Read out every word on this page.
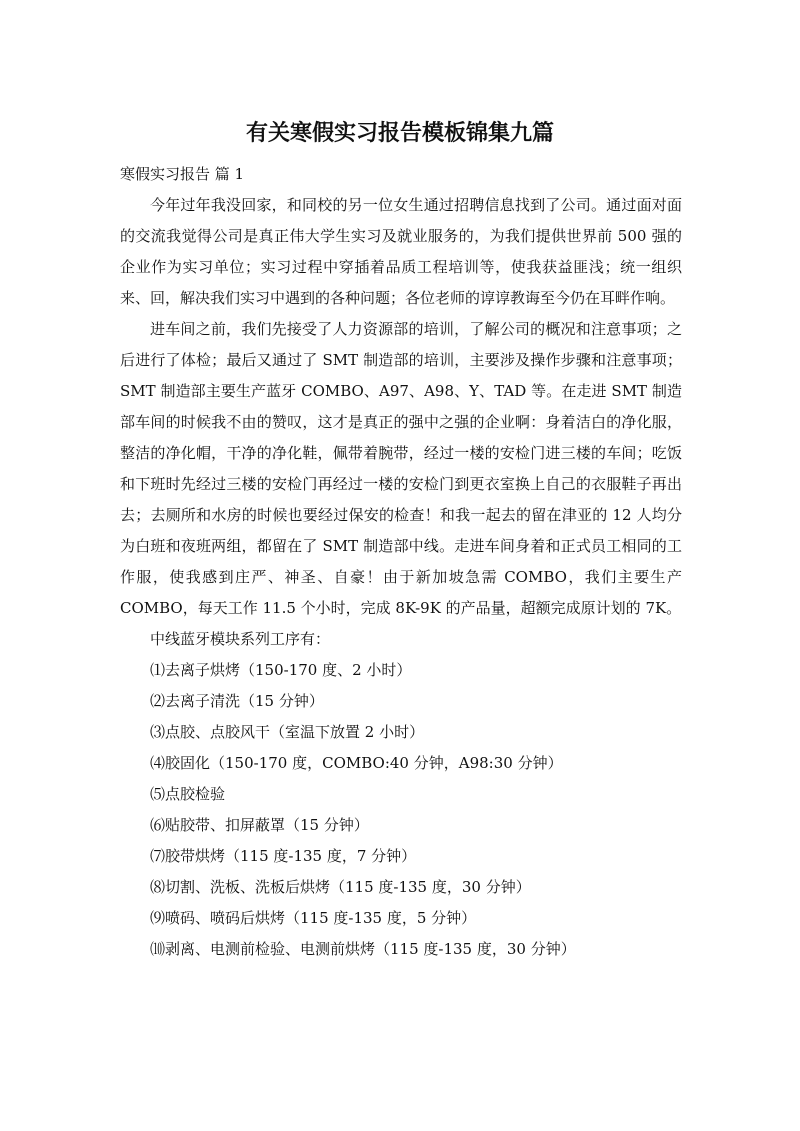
有关寒假实习报告模板锦集九篇

寒假实习报告 篇 1

今年过年我没回家，和同校的另一位女生通过招聘信息找到了公司。通过面对面的交流我觉得公司是真正伟大学生实习及就业服务的，为我们提供世界前 500 强的企业作为实习单位；实习过程中穿插着品质工程培训等，使我获益匪浅；统一组织来、回，解决我们实习中遇到的各种问题；各位老师的谆谆教诲至今仍在耳畔作响。

进车间之前，我们先接受了人力资源部的培训，了解公司的概况和注意事项；之后进行了体检；最后又通过了 SMT 制造部的培训，主要涉及操作步骤和注意事项；SMT 制造部主要生产蓝牙 COMBO、A97、A98、Y、TAD 等。在走进 SMT 制造部车间的时候我不由的赞叹，这才是真正的强中之强的企业啊：身着洁白的净化服，整洁的净化帽，干净的净化鞋，佩带着腕带，经过一楼的安检门进三楼的车间；吃饭和下班时先经过三楼的安检门再经过一楼的安检门到更衣室换上自己的衣服鞋子再出去；去厕所和水房的时候也要经过保安的检查！和我一起去的留在津亚的 12 人均分为白班和夜班两组，都留在了 SMT 制造部中线。走进车间身着和正式员工相同的工作服，使我感到庄严、神圣、自豪！由于新加坡急需 COMBO，我们主要生产 COMBO，每天工作 11.5 个小时，完成 8K-9K 的产品量，超额完成原计划的 7K。

中线蓝牙模块系列工序有：

⑴去离子烘烤（150-170 度、2 小时）

⑵去离子清洗（15 分钟）

⑶点胶、点胶风干（室温下放置 2 小时）

⑷胶固化（150-170 度，COMBO:40 分钟，A98:30 分钟）

⑸点胶检验

⑹贴胶带、扣屏蔽罩（15 分钟）

⑺胶带烘烤（115 度-135 度，7 分钟）

⑻切割、洗板、洗板后烘烤（115 度-135 度，30 分钟）

⑼喷码、喷码后烘烤（115 度-135 度，5 分钟）

⑽剥离、电测前检验、电测前烘烤（115 度-135 度，30 分钟）
